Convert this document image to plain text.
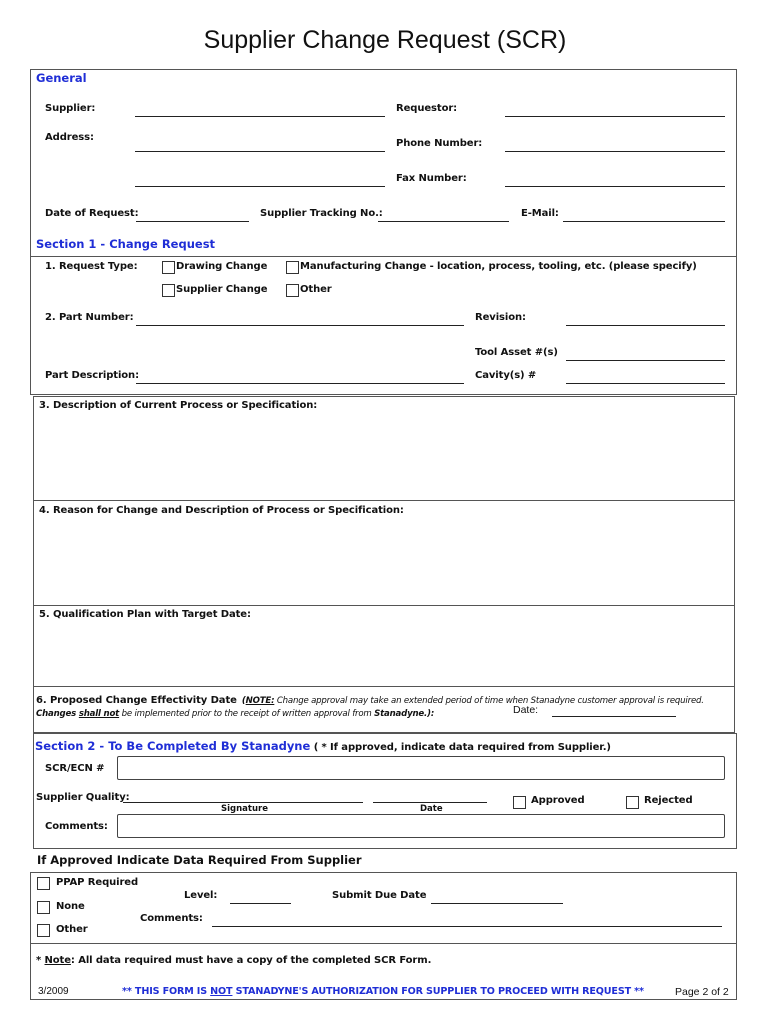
Supplier Change Request (SCR)
General
Supplier:	Requestor:
Address:
Phone Number:
Fax Number:
Date of Request:	Supplier Tracking No.:	E-Mail:
Section 1 - Change Request
1. Request Type:	Drawing Change	Manufacturing Change - location, process, tooling, etc. (please specify)
Supplier Change	Other
2. Part Number:	Revision:
Tool Asset #(s)
Part Description:	Cavity(s) #
3. Description of Current Process or Specification:
4. Reason for Change and Description of Process or Specification:
5. Qualification Plan with Target Date:
6. Proposed Change Effectivity Date (NOTE: Change approval may take an extended period of time when Stanadyne customer approval is required.
Changes shall not be implemented prior to the receipt of written approval from Stanadyne.):	Date:
Section 2 - To Be Completed By Stanadyne ( * If approved, indicate data required from Supplier.)
SCR/ECN #
Supplier Quality:
Signature	Date
Approved	Rejected
Comments:
If Approved Indicate Data Required From Supplier
PPAP Required
None
Other
Level:	Submit Due Date
Comments:
* Note: All data required must have a copy of the completed SCR Form.
3/2009	** THIS FORM IS NOT STANADYNE'S AUTHORIZATION FOR SUPPLIER TO PROCEED WITH REQUEST **	Page 2 of 2
